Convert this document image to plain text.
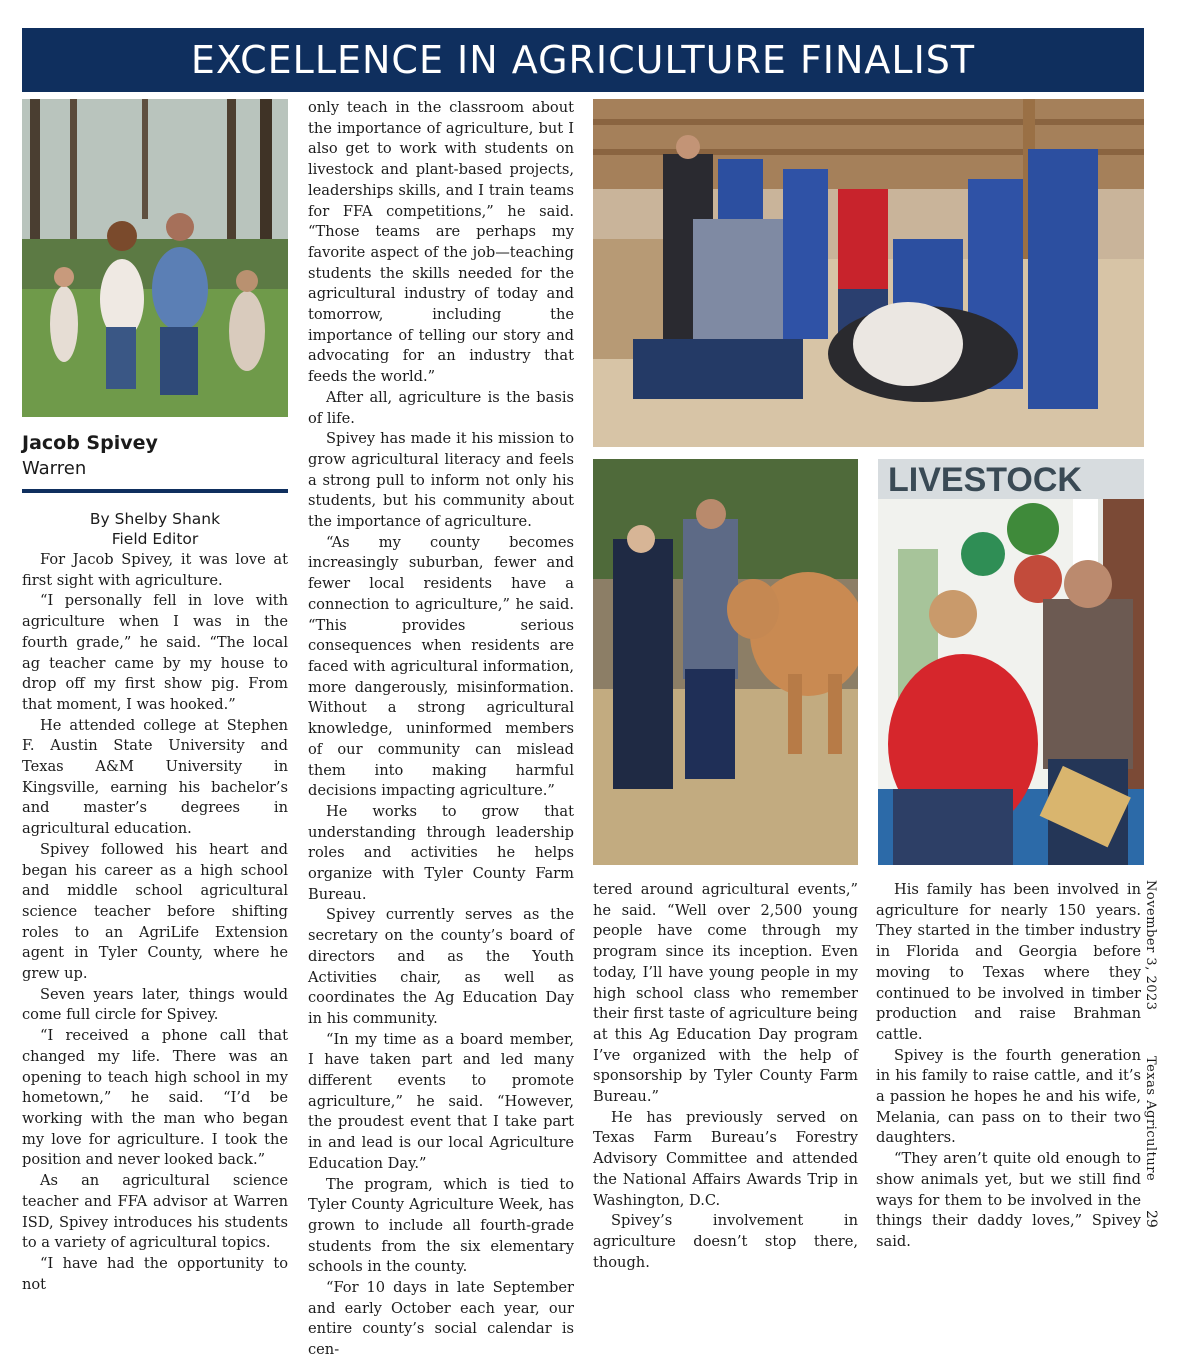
EXCELLENCE IN AGRICULTURE FINALIST

Jacob Spivey

Warren

By Shelby Shank
Field Editor

For Jacob Spivey, it was love at first sight with agriculture.

“I personally fell in love with agriculture when I was in the fourth grade,” he said. “The local ag teacher came by my house to drop off my first show pig. From that moment, I was hooked.”

He attended college at Stephen F. Austin State University and Texas A&M University in Kingsville, earning his bachelor’s and master’s degrees in agricultural education.

Spivey followed his heart and began his career as a high school and middle school agricultural science teacher before shifting roles to an AgriLife Extension agent in Tyler County, where he grew up.

Seven years later, things would come full circle for Spivey.

“I received a phone call that changed my life. There was an opening to teach high school in my hometown,” he said. “I’d be working with the man who began my love for agriculture. I took the position and never looked back.”

As an agricultural science teacher and FFA advisor at Warren ISD, Spivey introduces his students to a variety of agricultural topics.

“I have had the opportunity to not

only teach in the classroom about the importance of agriculture, but I also get to work with students on livestock and plant-based projects, leaderships skills, and I train teams for FFA competitions,” he said. “Those teams are perhaps my favorite aspect of the job—teaching students the skills needed for the agricultural industry of today and tomorrow, including the importance of telling our story and advocating for an industry that feeds the world.”

After all, agriculture is the basis of life.

Spivey has made it his mission to grow agricultural literacy and feels a strong pull to inform not only his students, but his community about the importance of agriculture.

“As my county becomes increasingly suburban, fewer and fewer local residents have a connection to agriculture,” he said. “This provides serious consequences when residents are faced with agricultural information, more dangerously, misinformation. Without a strong agricultural knowledge, uninformed members of our community can mislead them into making harmful decisions impacting agriculture.”

He works to grow that understanding through leadership roles and activities he helps organize with Tyler County Farm Bureau.

Spivey currently serves as the secretary on the county’s board of directors and as the Youth Activities chair, as well as coordinates the Ag Education Day in his community.

“In my time as a board member, I have taken part and led many different events to promote agriculture,” he said. “However, the proudest event that I take part in and lead is our local Agriculture Education Day.”

The program, which is tied to Tyler County Agriculture Week, has grown to include all fourth-grade students from the six elementary schools in the county.

“For 10 days in late September and early October each year, our entire county’s social calendar is cen-

LIVESTOCK

tered around agricultural events,” he said. “Well over 2,500 young people have come through my program since its inception. Even today, I’ll have young people in my high school class who remember their first taste of agriculture being at this Ag Education Day program I’ve organized with the help of sponsorship by Tyler County Farm Bureau.”

He has previously served on Texas Farm Bureau’s Forestry Advisory Committee and attended the National Affairs Awards Trip in Washington, D.C.

Spivey’s involvement in agriculture doesn’t stop there, though.

His family has been involved in agriculture for nearly 150 years. They started in the timber industry in Florida and Georgia before moving to Texas where they continued to be involved in timber production and raise Brahman cattle.

Spivey is the fourth generation in his family to raise cattle, and it’s a passion he hopes he and his wife, Melania, can pass on to their two daughters.

“They aren’t quite old enough to show animals yet, but we still find ways for them to be involved in the things their daddy loves,” Spivey said.

November 3, 2023
Texas Agriculture
29
